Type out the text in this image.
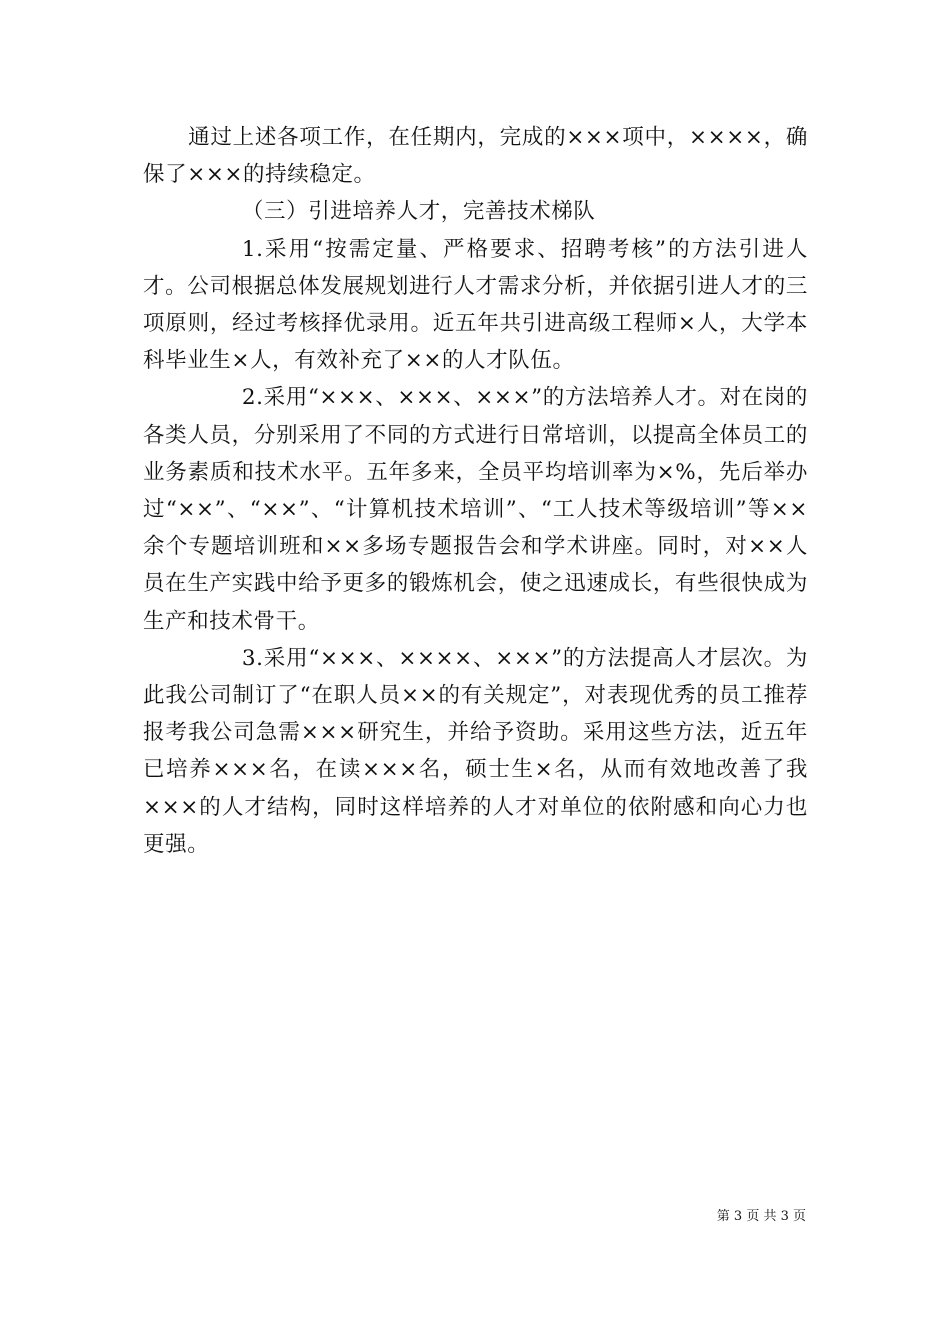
通过上述各项工作，在任期内，完成的×××项中，××××，确保了×××的持续稳定。

（三）引进培养人才，完善技术梯队

1.采用“按需定量、严格要求、招聘考核”的方法引进人才。公司根据总体发展规划进行人才需求分析，并依据引进人才的三项原则，经过考核择优录用。近五年共引进高级工程师×人，大学本科毕业生×人，有效补充了××的人才队伍。

2.采用“×××、×××、×××”的方法培养人才。对在岗的各类人员，分别采用了不同的方式进行日常培训，以提高全体员工的业务素质和技术水平。五年多来，全员平均培训率为×%，先后举办过“××”、“××”、“计算机技术培训”、“工人技术等级培训”等××余个专题培训班和××多场专题报告会和学术讲座。同时，对××人员在生产实践中给予更多的锻炼机会，使之迅速成长，有些很快成为生产和技术骨干。

3.采用“×××、××××、×××”的方法提高人才层次。为此我公司制订了“在职人员××的有关规定”，对表现优秀的员工推荐报考我公司急需×××研究生，并给予资助。采用这些方法，近五年已培养×××名，在读×××名，硕士生×名，从而有效地改善了我×××的人才结构，同时这样培养的人才对单位的依附感和向心力也更强。

第 3 页 共 3 页
